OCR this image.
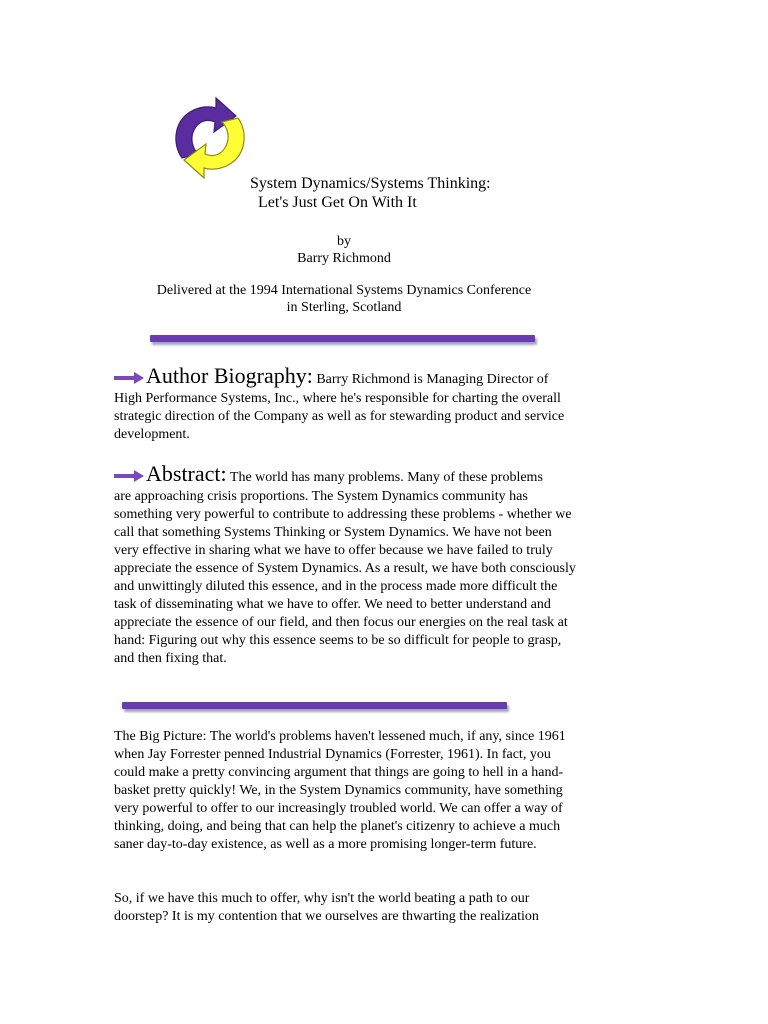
System Dynamics/Systems Thinking:
Let's Just Get On With It
by
Barry Richmond
Delivered at the 1994 International Systems Dynamics Conference
in Sterling, Scotland
Author Biography: Barry Richmond is Managing Director of
High Performance Systems, Inc., where he's responsible for charting the overall strategic direction of the Company as well as for stewarding product and service development.
Abstract: The world has many problems. Many of these problems
are approaching crisis proportions. The System Dynamics community has something very powerful to contribute to addressing these problems - whether we call that something Systems Thinking or System Dynamics. We have not been very effective in sharing what we have to offer because we have failed to truly appreciate the essence of System Dynamics. As a result, we have both consciously and unwittingly diluted this essence, and in the process made more difficult the task of disseminating what we have to offer. We need to better understand and appreciate the essence of our field, and then focus our energies on the real task at hand: Figuring out why this essence seems to be so difficult for people to grasp, and then fixing that.
The Big Picture: The world's problems haven't lessened much, if any, since 1961 when Jay Forrester penned Industrial Dynamics (Forrester, 1961). In fact, you could make a pretty convincing argument that things are going to hell in a hand-basket pretty quickly! We, in the System Dynamics community, have something very powerful to offer to our increasingly troubled world. We can offer a way of thinking, doing, and being that can help the planet's citizenry to achieve a much saner day-to-day existence, as well as a more promising longer-term future.
So, if we have this much to offer, why isn't the world beating a path to our doorstep? It is my contention that we ourselves are thwarting the realization
